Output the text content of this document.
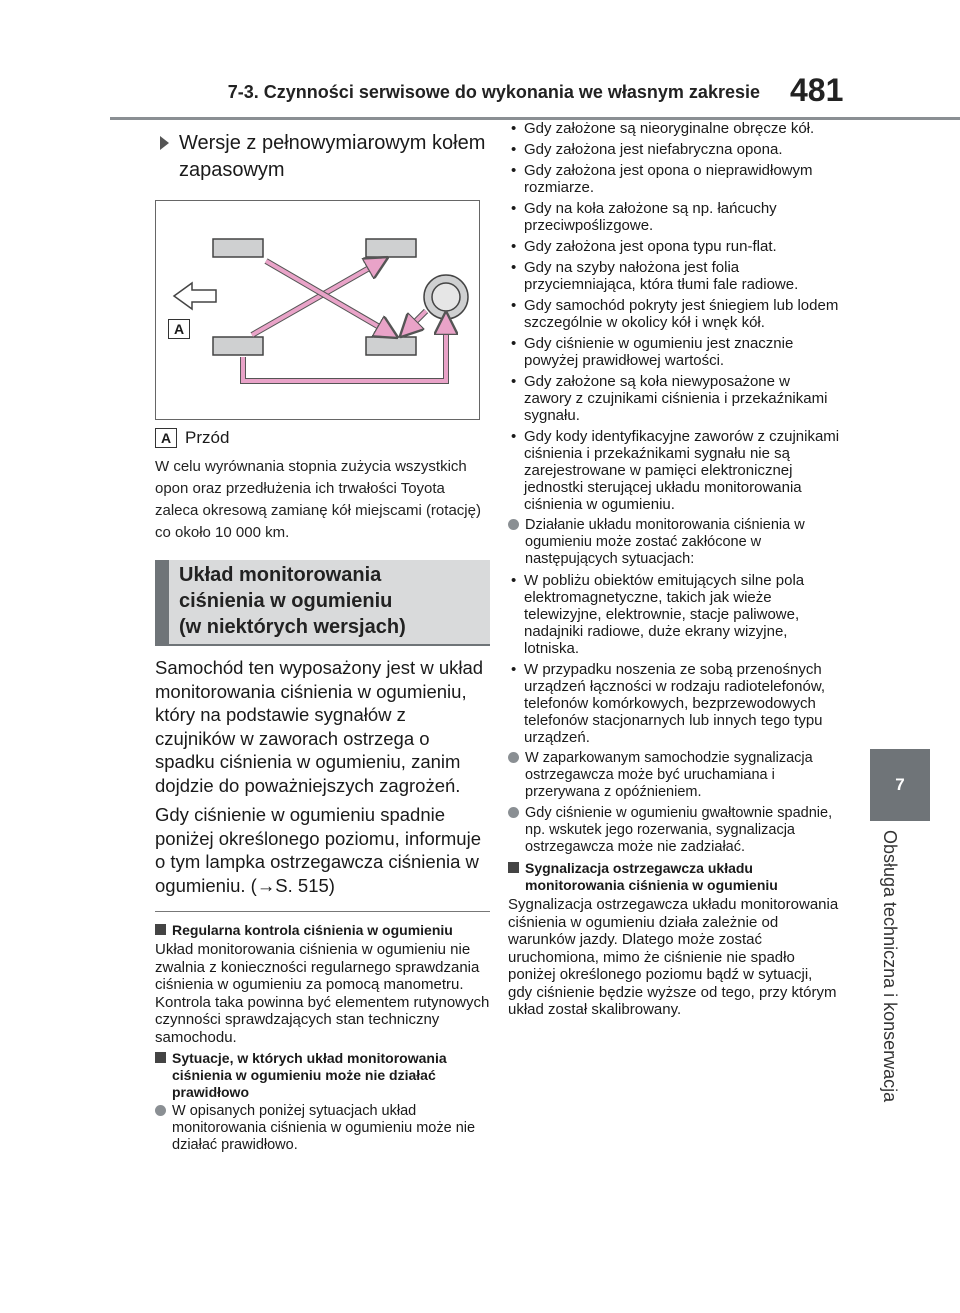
7-3. Czynności serwisowe do wykonania we własnym zakresie 481
7
Obsługa techniczna i konserwacja
Wersje z pełnowymiarowym kołem zapasowym
A
A Przód

W celu wyrównania stopnia zużycia wszystkich opon oraz przedłużenia ich trwałości Toyota zaleca okresową zamianę kół miejscami (rotację) co około 10 000 km.

Układ monitorowania
ciśnienia w ogumieniu
(w niektórych wersjach)

Samochód ten wyposażony jest w układ monitorowania ciśnienia w ogumieniu, który na podstawie sygnałów z czujników w zaworach ostrzega o spadku ciśnienia w ogumieniu, zanim dojdzie do poważniejszych zagrożeń.

Gdy ciśnienie w ogumieniu spadnie poniżej określonego poziomu, informuje o tym lampka ostrzegawcza ciśnienia w ogumieniu. (→S. 515)

Regularna kontrola ciśnienia w ogumieniu

Układ monitorowania ciśnienia w ogumieniu nie zwalnia z konieczności regularnego sprawdzania ciśnienia w ogumieniu za pomocą manometru. Kontrola taka powinna być elementem rutynowych czynności sprawdzających stan techniczny samochodu.

Sytuacje, w których układ monitorowania ciśnienia w ogumieniu może nie działać prawidłowo
W opisanych poniżej sytuacjach układ monitorowania ciśnienia w ogumieniu może nie działać prawidłowo.
• Gdy założone są nieoryginalne obręcze kół.
• Gdy założona jest niefabryczna opona.
• Gdy założona jest opona o nieprawidłowym rozmiarze.
• Gdy na koła założone są np. łańcuchy przeciwpoślizgowe.
• Gdy założona jest opona typu run-flat.
• Gdy na szyby nałożona jest folia przyciemniająca, która tłumi fale radiowe.
• Gdy samochód pokryty jest śniegiem lub lodem szczególnie w okolicy kół i wnęk kół.
• Gdy ciśnienie w ogumieniu jest znacznie powyżej prawidłowej wartości.
• Gdy założone są koła niewyposażone w zawory z czujnikami ciśnienia i przekaźnikami sygnału.
• Gdy kody identyfikacyjne zaworów z czujnikami ciśnienia i przekaźnikami sygnału nie są zarejestrowane w pamięci elektronicznej jednostki sterującej układu monitorowania ciśnienia w ogumieniu.
Działanie układu monitorowania ciśnienia w ogumieniu może zostać zakłócone w następujących sytuacjach:
• W pobliżu obiektów emitujących silne pola elektromagnetyczne, takich jak wieże telewizyjne, elektrownie, stacje paliwowe, nadajniki radiowe, duże ekrany wizyjne, lotniska.
• W przypadku noszenia ze sobą przenośnych urządzeń łączności w rodzaju radiotelefonów, telefonów komórkowych, bezprzewodowych telefonów stacjonarnych lub innych tego typu urządzeń.
W zaparkowanym samochodzie sygnalizacja ostrzegawcza może być uruchamiana i przerywana z opóźnieniem.
Gdy ciśnienie w ogumieniu gwałtownie spadnie, np. wskutek jego rozerwania, sygnalizacja ostrzegawcza może nie zadziałać.
Sygnalizacja ostrzegawcza układu monitorowania ciśnienia w ogumieniu

Sygnalizacja ostrzegawcza układu monitorowania ciśnienia w ogumieniu działa zależnie od warunków jazdy. Dlatego może zostać uruchomiona, mimo że ciśnienie nie spadło poniżej określonego poziomu bądź w sytuacji, gdy ciśnienie będzie wyższe od tego, przy którym układ został skalibrowany.
